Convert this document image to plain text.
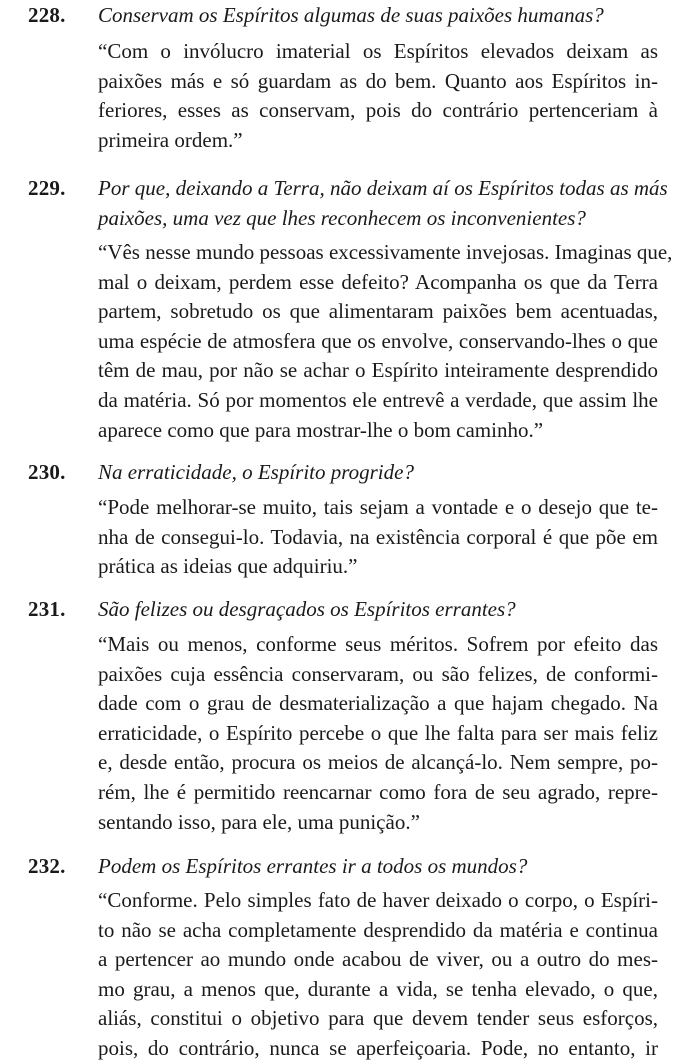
228. Conservam os Espíritos algumas de suas paixões humanas?
“Com o invólucro imaterial os Espíritos elevados deixam as
paixões más e só guardam as do bem. Quanto aos Espíritos in-
feriores, esses as conservam, pois do contrário pertenceriam à
primeira ordem.”
229. Por que, deixando a Terra, não deixam aí os Espíritos todas as más
paixões, uma vez que lhes reconhecem os inconvenientes?
“Vês nesse mundo pessoas excessivamente invejosas. Imaginas que,
mal o deixam, perdem esse defeito? Acompanha os que da Terra
partem, sobretudo os que alimentaram paixões bem acentuadas,
uma espécie de atmosfera que os envolve, conservando-lhes o que
têm de mau, por não se achar o Espírito inteiramente desprendido
da matéria. Só por momentos ele entrevê a verdade, que assim lhe
aparece como que para mostrar-lhe o bom caminho.”
230. Na erraticidade, o Espírito progride?
“Pode melhorar-se muito, tais sejam a vontade e o desejo que te-
nha de consegui-lo. Todavia, na existência corporal é que põe em
prática as ideias que adquiriu.”
231. São felizes ou desgraçados os Espíritos errantes?
“Mais ou menos, conforme seus méritos. Sofrem por efeito das
paixões cuja essência conservaram, ou são felizes, de conformi-
dade com o grau de desmaterialização a que hajam chegado. Na
erraticidade, o Espírito percebe o que lhe falta para ser mais feliz
e, desde então, procura os meios de alcançá-lo. Nem sempre, po-
rém, lhe é permitido reencarnar como fora de seu agrado, repre-
sentando isso, para ele, uma punição.”
232. Podem os Espíritos errantes ir a todos os mundos?
“Conforme. Pelo simples fato de haver deixado o corpo, o Espíri-
to não se acha completamente desprendido da matéria e continua
a pertencer ao mundo onde acabou de viver, ou a outro do mes-
mo grau, a menos que, durante a vida, se tenha elevado, o que,
aliás, constitui o objetivo para que devem tender seus esforços,
pois, do contrário, nunca se aperfeiçoaria. Pode, no entanto, ir
